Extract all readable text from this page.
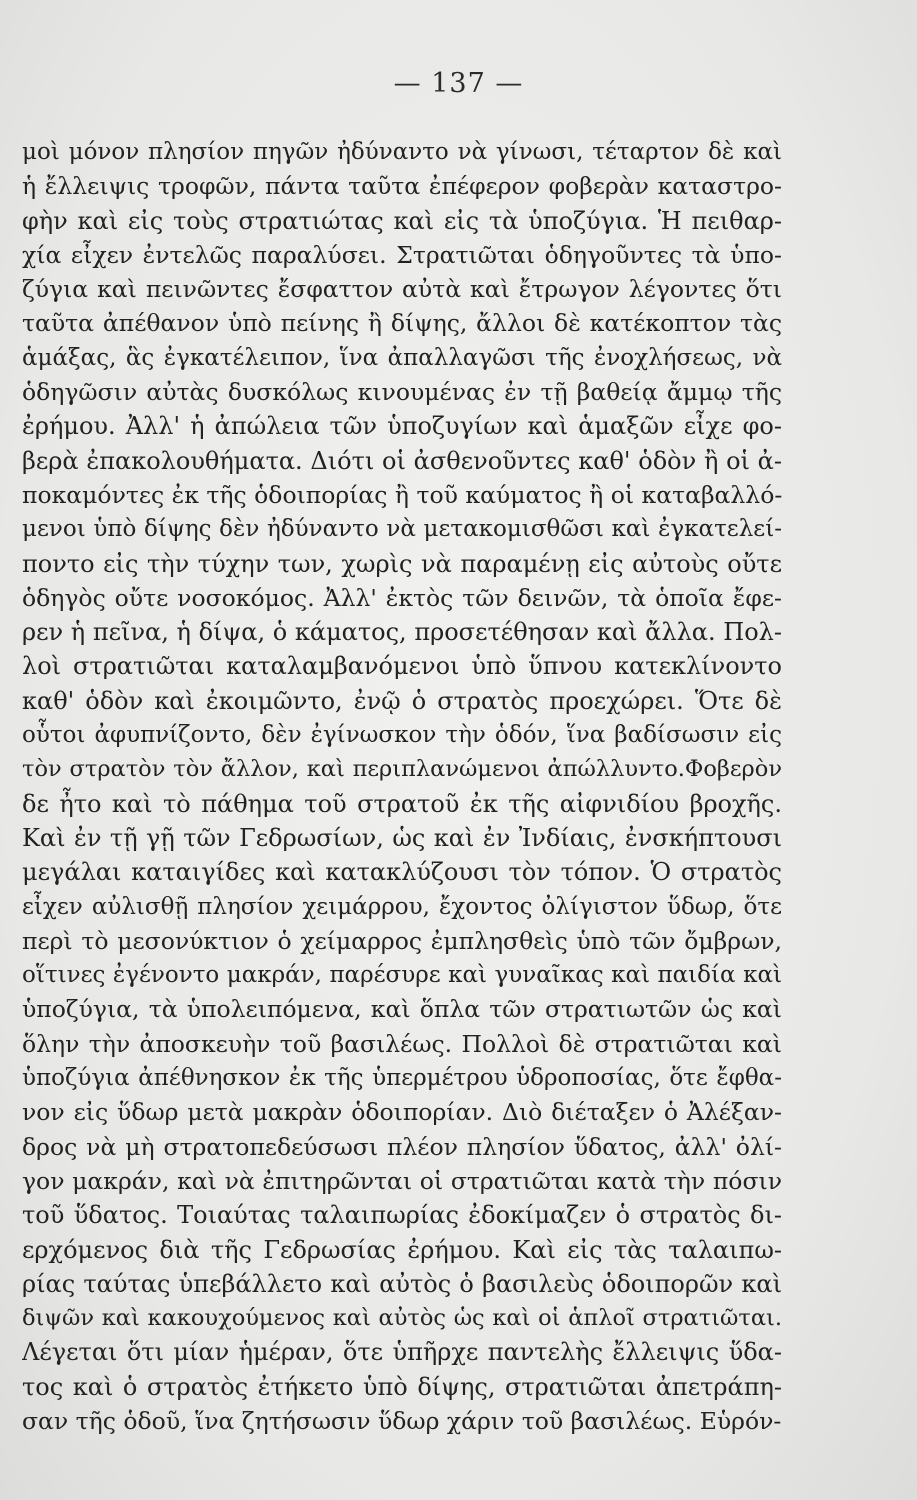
— 137 —
μοὶ μόνον πλησίον πηγῶν ἠδύναντο νὰ γίνωσι, τέταρτον δὲ καὶ
ἡ ἔλλειψις τροφῶν, πάντα ταῦτα ἐπέφερον φοβερὰν καταστρο-
φὴν καὶ εἰς τοὺς στρατιώτας καὶ εἰς τὰ ὑποζύγια. Ἡ πειθαρ-
χία εἶχεν ἐντελῶς παραλύσει. Στρατιῶται ὁδηγοῦντες τὰ ὑπο-
ζύγια καὶ πεινῶντες ἔσφαττον αὐτὰ καὶ ἔτρωγον λέγοντες ὅτι
ταῦτα ἀπέθανον ὑπὸ πείνης ἢ δίψης, ἄλλοι δὲ κατέκοπτον τὰς
ἁμάξας, ἃς ἐγκατέλειπον, ἵνα ἀπαλλαγῶσι τῆς ἐνοχλήσεως, νὰ
ὁδηγῶσιν αὐτὰς δυσκόλως κινουμένας ἐν τῇ βαθείᾳ ἄμμῳ τῆς
ἐρήμου. Ἀλλ' ἡ ἀπώλεια τῶν ὑποζυγίων καὶ ἁμαξῶν εἶχε φο-
βερὰ ἐπακολουθήματα. Διότι οἱ ἀσθενοῦντες καθ' ὁδὸν ἢ οἱ ἀ-
ποκαμόντες ἐκ τῆς ὁδοιπορίας ἢ τοῦ καύματος ἢ οἱ καταβαλλό-
μενοι ὑπὸ δίψης δὲν ἠδύναντο νὰ μετακομισθῶσι καὶ ἐγκατελεί-
ποντο εἰς τὴν τύχην των, χωρὶς νὰ παραμένῃ εἰς αὐτοὺς οὔτε
ὁδηγὸς οὔτε νοσοκόμος. Ἀλλ' ἐκτὸς τῶν δεινῶν, τὰ ὁποῖα ἔφε-
ρεν ἡ πεῖνα, ἡ δίψα, ὁ κάματος, προσετέθησαν καὶ ἄλλα. Πολ-
λοὶ στρατιῶται καταλαμβανόμενοι ὑπὸ ὕπνου κατεκλίνοντο
καθ' ὁδὸν καὶ ἐκοιμῶντο, ἐνῷ ὁ στρατὸς προεχώρει. Ὅτε δὲ
οὗτοι ἀφυπνίζοντο, δὲν ἐγίνωσκον τὴν ὁδόν, ἵνα βαδίσωσιν εἰς
τὸν στρατὸν τὸν ἄλλον, καὶ περιπλανώμενοι ἀπώλλυντο.Φοβερὸν
δε ἦτο καὶ τὸ πάθημα τοῦ στρατοῦ ἐκ τῆς αἰφνιδίου βροχῆς.
Καὶ ἐν τῇ γῇ τῶν Γεδρωσίων, ὡς καὶ ἐν Ἰνδίαις, ἐνσκήπτουσι
μεγάλαι καταιγίδες καὶ κατακλύζουσι τὸν τόπον. Ὁ στρατὸς
εἶχεν αὐλισθῇ πλησίον χειμάρρου, ἔχοντος ὀλίγιστον ὕδωρ, ὅτε
περὶ τὸ μεσονύκτιον ὁ χείμαρρος ἐμπλησθεὶς ὑπὸ τῶν ὄμβρων,
οἵτινες ἐγένοντο μακράν, παρέσυρε καὶ γυναῖκας καὶ παιδία καὶ
ὑποζύγια, τὰ ὑπολειπόμενα, καὶ ὅπλα τῶν στρατιωτῶν ὡς καὶ
ὅλην τὴν ἀποσκευὴν τοῦ βασιλέως. Πολλοὶ δὲ στρατιῶται καὶ
ὑποζύγια ἀπέθνησκον ἐκ τῆς ὑπερμέτρου ὑδροποσίας, ὅτε ἔφθα-
νον εἰς ὕδωρ μετὰ μακρὰν ὁδοιπορίαν. Διὸ διέταξεν ὁ Ἀλέξαν-
δρος νὰ μὴ στρατοπεδεύσωσι πλέον πλησίον ὕδατος, ἀλλ' ὀλί-
γον μακράν, καὶ νὰ ἐπιτηρῶνται οἱ στρατιῶται κατὰ τὴν πόσιν
τοῦ ὕδατος. Τοιαύτας ταλαιπωρίας ἐδοκίμαζεν ὁ στρατὸς δι-
ερχόμενος διὰ τῆς Γεδρωσίας ἐρήμου. Καὶ εἰς τὰς ταλαιπω-
ρίας ταύτας ὑπεβάλλετο καὶ αὐτὸς ὁ βασιλεὺς ὁδοιπορῶν καὶ
διψῶν καὶ κακουχούμενος καὶ αὐτὸς ὡς καὶ οἱ ἁπλοῖ στρατιῶται.
Λέγεται ὅτι μίαν ἡμέραν, ὅτε ὑπῆρχε παντελὴς ἔλλειψις ὕδα-
τος καὶ ὁ στρατὸς ἐτήκετο ὑπὸ δίψης, στρατιῶται ἀπετράπη-
σαν τῆς ὁδοῦ, ἵνα ζητήσωσιν ὕδωρ χάριν τοῦ βασιλέως. Εὑρόν-
